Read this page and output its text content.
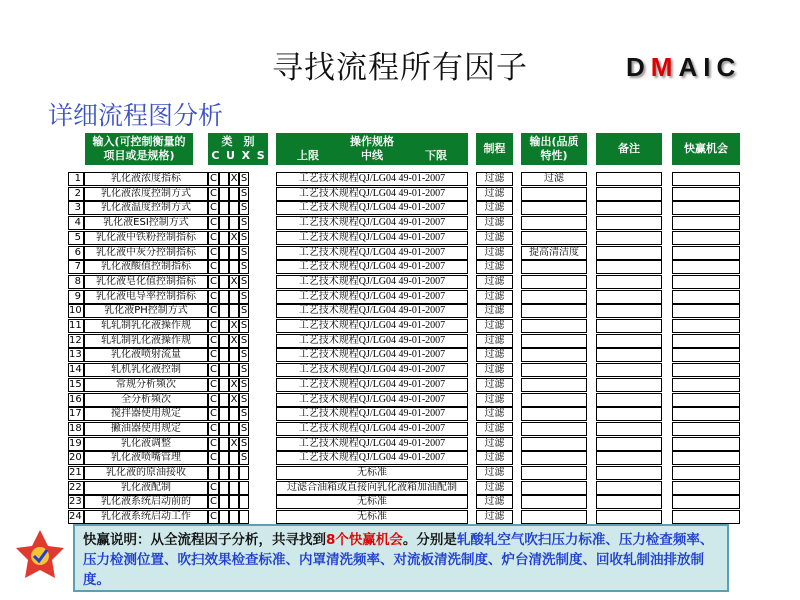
寻找流程所有因子	DMAIC
详细流程图分析
输入(可控制衡量的
项目或是规格)
类　别
C U X S
操作规格
上限	中线	下限
制程
输出(品质
特性)
备注	快赢机会
1	乳化液浓度指标	C X S	工艺技术规程QJ/LG04 49-01-2007	过滤	过滤
2	乳化液浓度控制方式	C S	工艺技术规程QJ/LG04 49-01-2007	过滤
3	乳化液温度控制方式	C S	工艺技术规程QJ/LG04 49-01-2007	过滤
4	乳化液ESI控制方式	C S	工艺技术规程QJ/LG04 49-01-2007	过滤
5	乳化液中铁粉控制指标	C X S	工艺技术规程QJ/LG04 49-01-2007	过滤
6	乳化液中灰分控制指标	C S	工艺技术规程QJ/LG04 49-01-2007	过滤	提高清洁度
7	乳化液酸值控制指标	C S	工艺技术规程QJ/LG04 49-01-2007	过滤
8	乳化液皂化值控制指标	C X S	工艺技术规程QJ/LG04 49-01-2007	过滤
9	乳化液电导率控制指标	C S	工艺技术规程QJ/LG04 49-01-2007	过滤
10	乳化液PH控制方式	C S	工艺技术规程QJ/LG04 49-01-2007	过滤
11	轧轧制乳化液操作规	C X S	工艺技术规程QJ/LG04 49-01-2007	过滤
12	轧轧制乳化液操作规	C X S	工艺技术规程QJ/LG04 49-01-2007	过滤
13	乳化液喷射流量	C S	工艺技术规程QJ/LG04 49-01-2007	过滤
14	轧机乳化液控制	C S	工艺技术规程QJ/LG04 49-01-2007	过滤
15	常规分析频次	C X S	工艺技术规程QJ/LG04 49-01-2007	过滤
16	全分析频次	C X S	工艺技术规程QJ/LG04 49-01-2007	过滤
17	搅拌器使用规定	C S	工艺技术规程QJ/LG04 49-01-2007	过滤
18	撇油器使用规定	C S	工艺技术规程QJ/LG04 49-01-2007	过滤
19	乳化液调整	C X S	工艺技术规程QJ/LG04 49-01-2007	过滤
20	乳化液喷嘴管理	C S	工艺技术规程QJ/LG04 49-01-2007	过滤
21	乳化液的原油接收	无标准	过滤
22	乳化液配制	C	过滤合油箱或直接向乳化液箱加油配制	过滤
23	乳化液系统启动前的	C	无标准	过滤
24	乳化液系统启动工作	C	无标准	过滤
快赢说明：从全流程因子分析，共寻找到8个快赢机会。分别是轧酸轧空气吹扫压力标准、压力检查频率、压力检测位置、吹扫效果检查标准、内罩清洗频率、对流板清洗制度、炉台清洗制度、回收轧制油排放制度。
